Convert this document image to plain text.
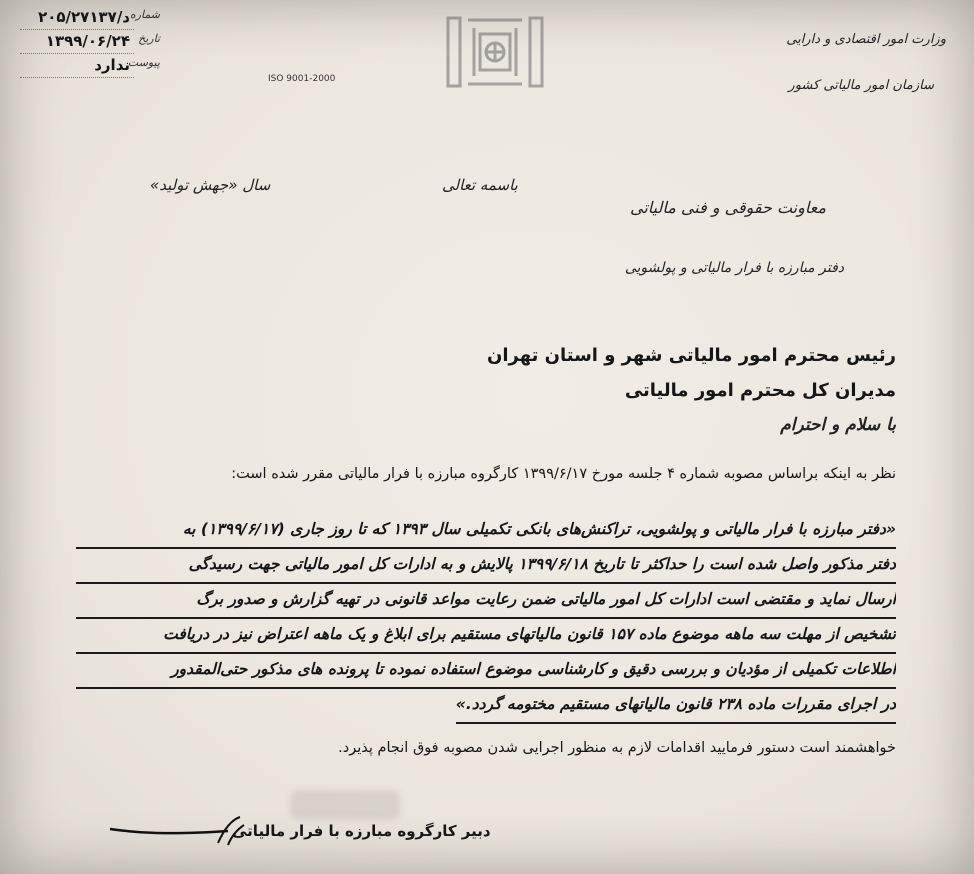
شماره
د/۲۰۵/۲۷۱۳۷
تاریخ
۱۳۹۹/۰۶/۲۴
پیوست
ندارد
ISO 9001-2000
وزارت امور اقتصادی و دارایی
سازمان امور مالیاتی کشور
سال «جهش تولید»	باسمه تعالی
معاونت حقوقی و فنی مالیاتی
دفتر مبارزه با فرار مالیاتی و پولشویی
رئیس محترم امور مالیاتی شهر و استان تهران
مدیران کل محترم امور مالیاتی
با سلام و احترام
نظر به اینکه براساس مصوبه شماره ۴ جلسه مورخ ۱۳۹۹/۶/۱۷ کارگروه مبارزه با فرار مالیاتی مقرر شده است:
«دفتر مبارزه با فرار مالیاتی و پولشویی، تراکنش‌های بانکی تکمیلی سال ۱۳۹۳ که تا روز جاری (۱۳۹۹/۶/۱۷) به
دفتر مذکور واصل شده است را حداکثر تا تاریخ ۱۳۹۹/۶/۱۸ پالایش و به ادارات کل امور مالیاتی جهت رسیدگی
ارسال نماید و مقتضی است ادارات کل امور مالیاتی ضمن رعایت مواعد قانونی در تهیه گزارش و صدور برگ
تشخیص از مهلت سه ماهه موضوع ماده ۱۵۷ قانون مالیاتهای مستقیم برای ابلاغ و یک ماهه اعتراض نیز در دریافت
اطلاعات تکمیلی از مؤدیان و بررسی دقیق و کارشناسی موضوع استفاده نموده تا پرونده های مذکور حتی‌المقدور
در اجرای مقررات ماده ۲۳۸ قانون مالیاتهای مستقیم مختومه گردد.»
خواهشمند است دستور فرمایید اقدامات لازم به منظور اجرایی شدن مصوبه فوق انجام پذیرد.
دبیر کارگروه مبارزه با فرار مالیاتی
